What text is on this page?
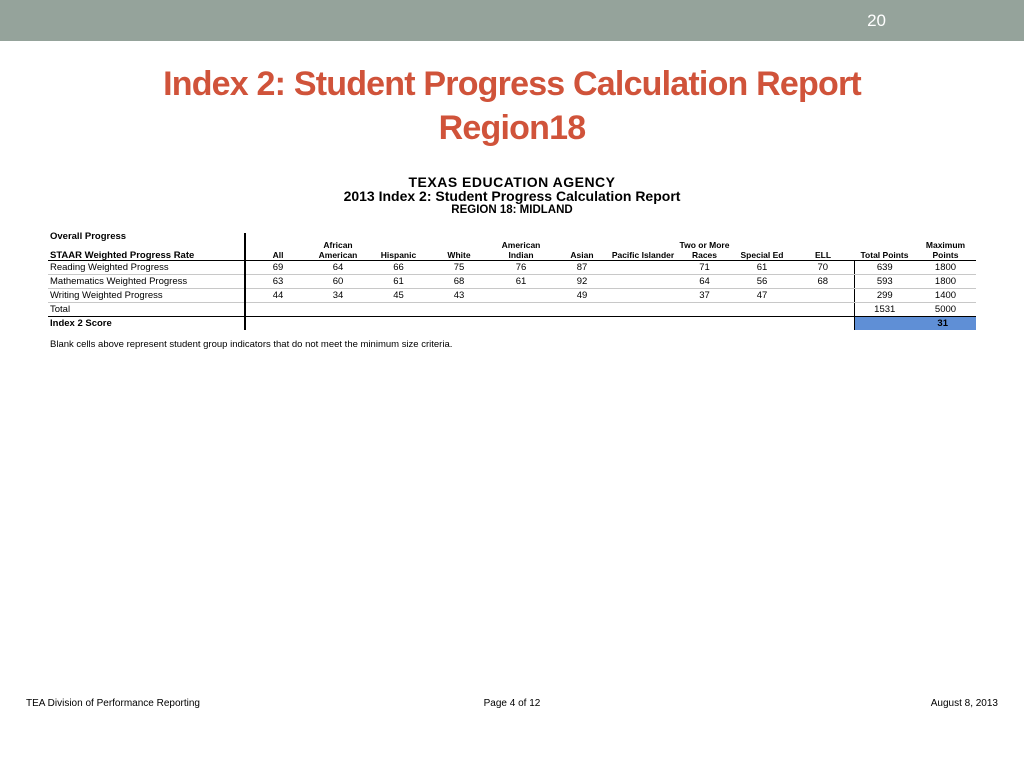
20
Index 2: Student Progress Calculation Report
Region18
TEXAS EDUCATION AGENCY
2013 Index 2: Student Progress Calculation Report
REGION 18: MIDLAND
Overall Progress
STAAR Weighted Progress Rate	All	African American	Hispanic	White	American Indian	Asian	Pacific Islander	Two or More Races	Special Ed	ELL	Total Points	Maximum Points
Reading Weighted Progress	69	64	66	75	76	87		71	61	70	639	1800
Mathematics Weighted Progress	63	60	61	68	61	92		64	56	68	593	1800
Writing Weighted Progress	44	34	45	43		49		37	47		299	1400
Total											1531	5000
Index 2 Score												31
Blank cells above represent student group indicators that do not meet the minimum size criteria.
TEA Division of Performance Reporting	Page 4 of 12	August 8, 2013
